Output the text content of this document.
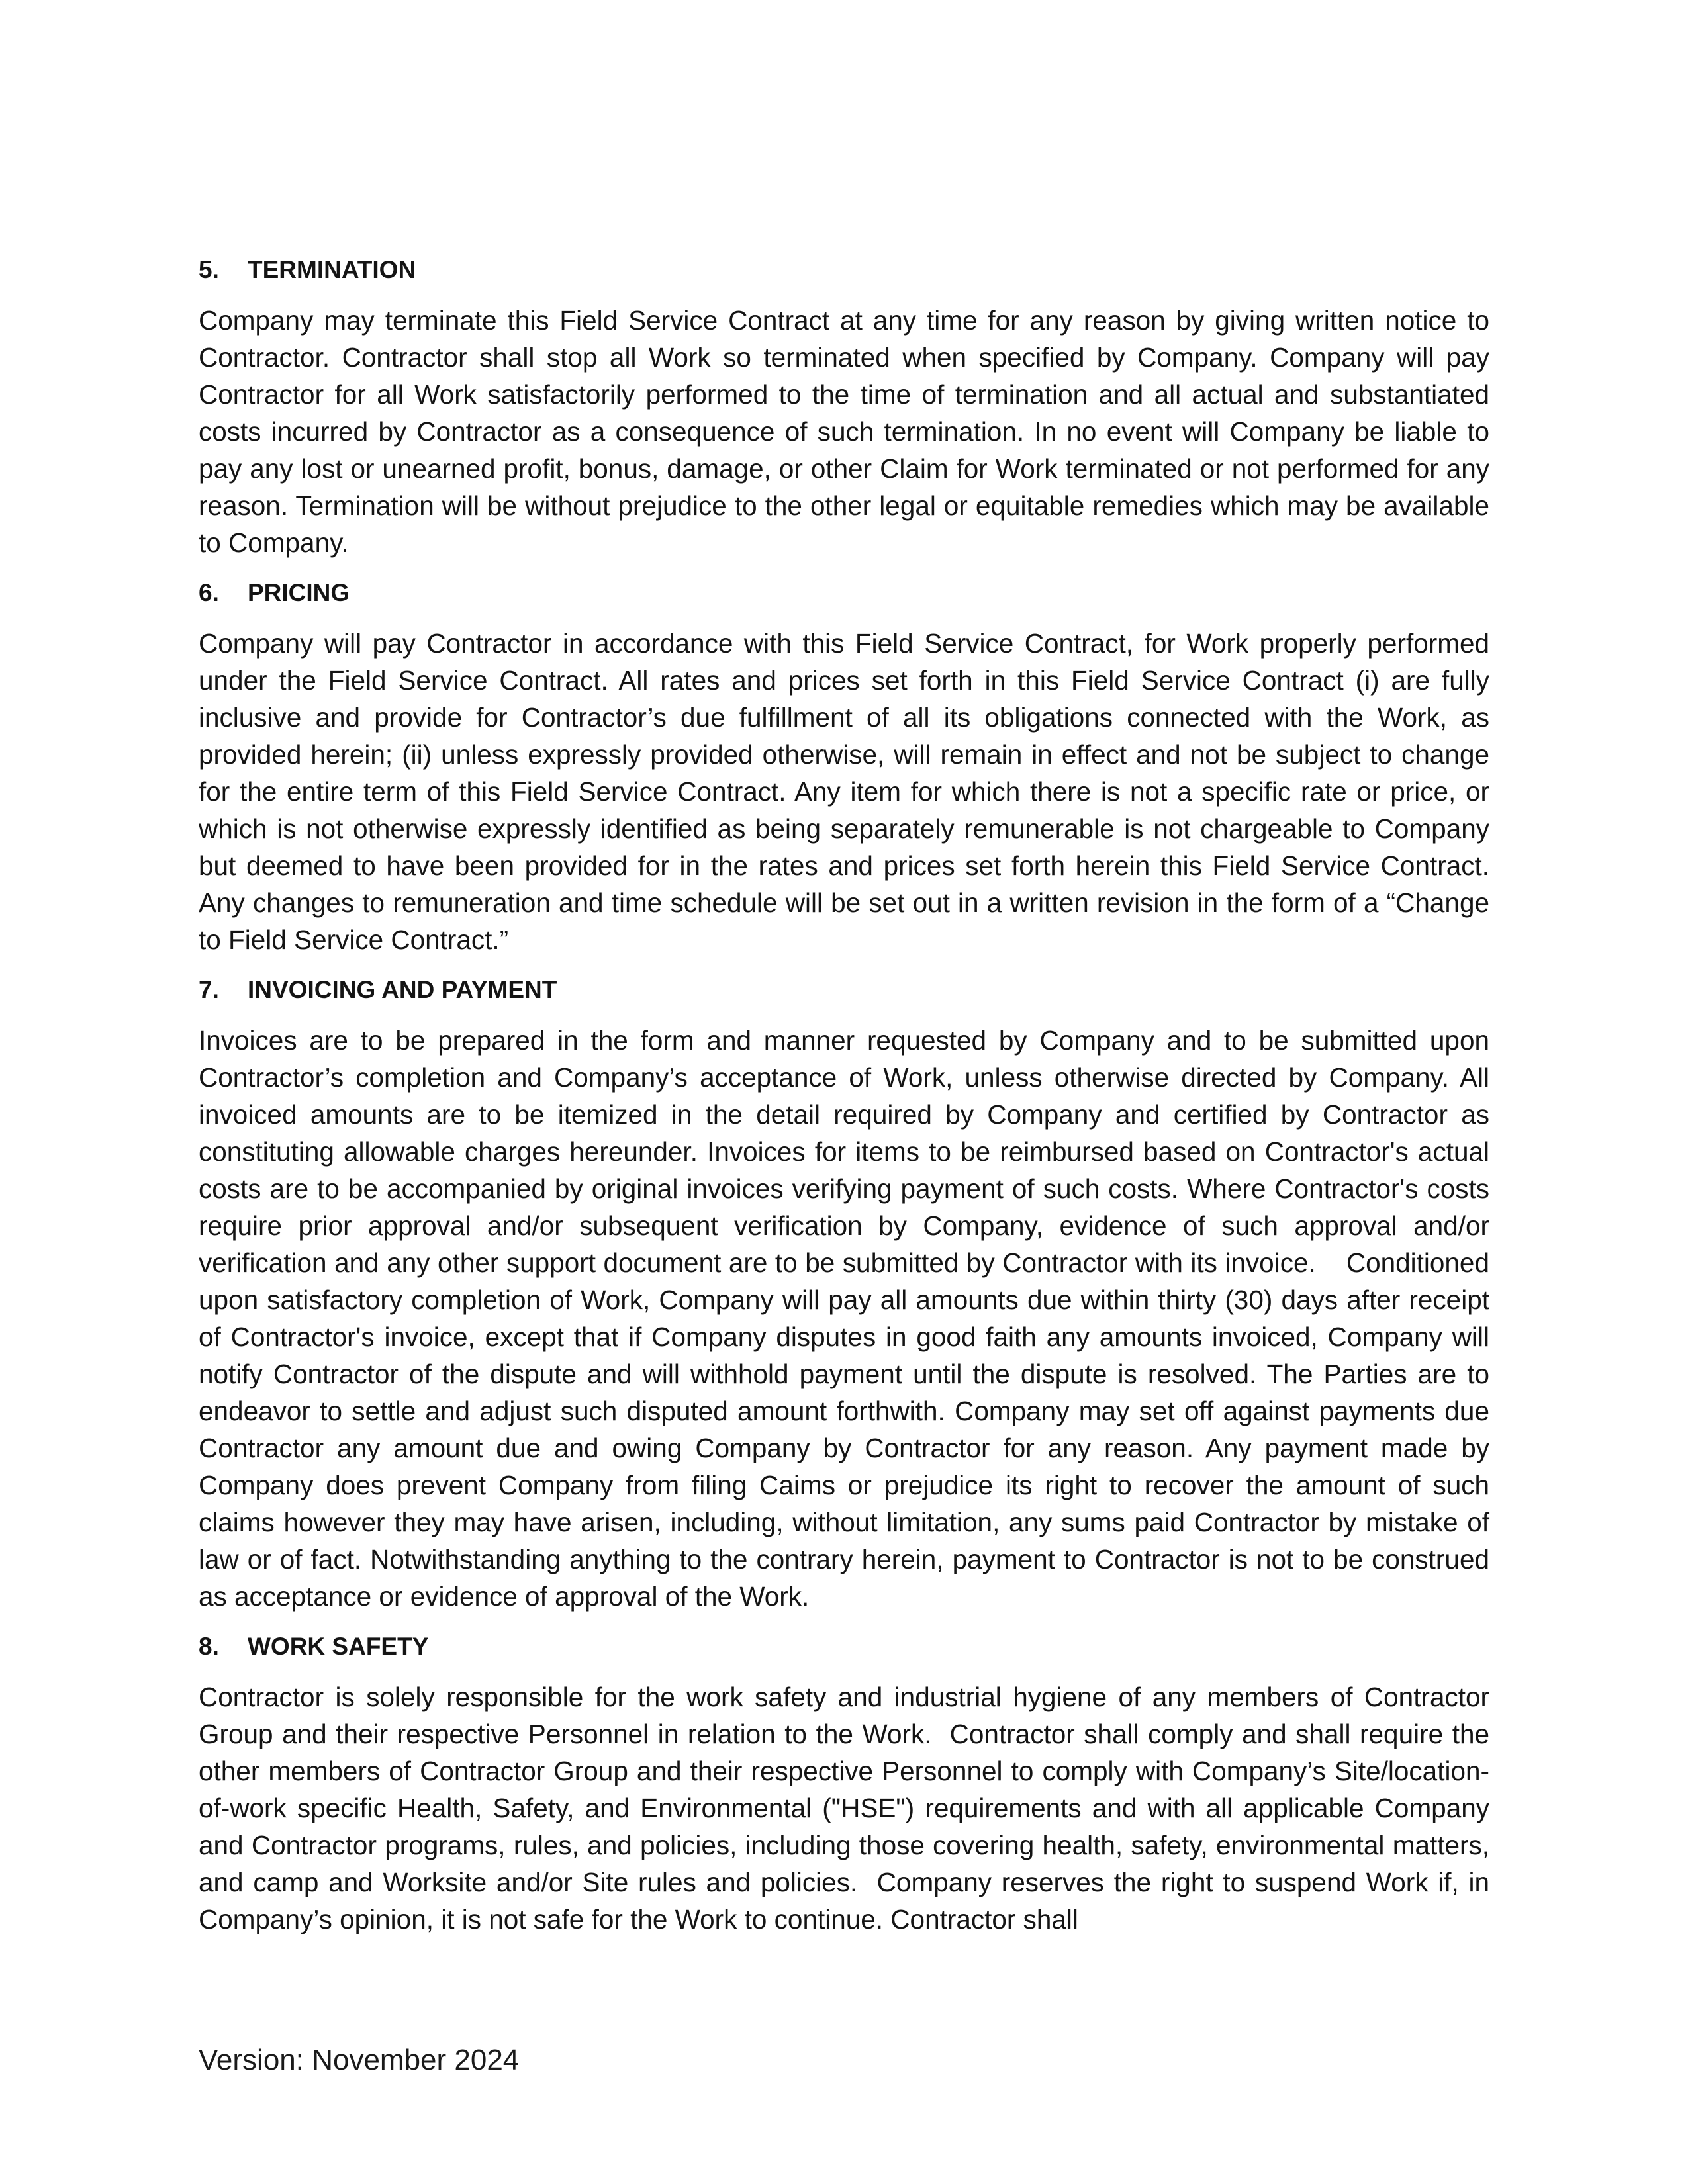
5.	TERMINATION

Company may terminate this Field Service Contract at any time for any reason by giving written notice to Contractor. Contractor shall stop all Work so terminated when specified by Company. Company will pay Contractor for all Work satisfactorily performed to the time of termination and all actual and substantiated costs incurred by Contractor as a consequence of such termination. In no event will Company be liable to pay any lost or unearned profit, bonus, damage, or other Claim for Work terminated or not performed for any reason. Termination will be without prejudice to the other legal or equitable remedies which may be available to Company.

6.	PRICING

Company will pay Contractor in accordance with this Field Service Contract, for Work properly performed under the Field Service Contract. All rates and prices set forth in this Field Service Contract (i) are fully inclusive and provide for Contractor’s due fulfillment of all its obligations connected with the Work, as provided herein; (ii) unless expressly provided otherwise, will remain in effect and not be subject to change for the entire term of this Field Service Contract. Any item for which there is not a specific rate or price, or which is not otherwise expressly identified as being separately remunerable is not chargeable to Company but deemed to have been provided for in the rates and prices set forth herein this Field Service Contract.  Any changes to remuneration and time schedule will be set out in a written revision in the form of a “Change to Field Service Contract.”

7.	INVOICING AND PAYMENT

Invoices are to be prepared in the form and manner requested by Company and to be submitted upon Contractor’s completion and Company’s acceptance of Work, unless otherwise directed by Company. All invoiced amounts are to be itemized in the detail required by Company and certified by Contractor as constituting allowable charges hereunder. Invoices for items to be reimbursed based on Contractor's actual costs are to be accompanied by original invoices verifying payment of such costs. Where Contractor's costs require prior approval and/or subsequent verification by Company, evidence of such approval and/or verification and any other support document are to be submitted by Contractor with its invoice.    Conditioned upon satisfactory completion of Work, Company will pay all amounts due within thirty (30) days after receipt of Contractor's invoice, except that if Company disputes in good faith any amounts invoiced, Company will notify Contractor of the dispute and will withhold payment until the dispute is resolved. The Parties are to endeavor to settle and adjust such disputed amount forthwith. Company may set off against payments due Contractor any amount due and owing Company by Contractor for any reason. Any payment made by Company does prevent Company from filing Caims or prejudice its right to recover the amount of such claims however they may have arisen, including, without limitation, any sums paid Contractor by mistake of law or of fact. Notwithstanding anything to the contrary herein, payment to Contractor is not to be construed as acceptance or evidence of approval of the Work.

8.	WORK SAFETY

Contractor is solely responsible for the work safety and industrial hygiene of any members of Contractor Group and their respective Personnel in relation to the Work.  Contractor shall comply and shall require the other members of Contractor Group and their respective Personnel to comply with Company’s Site/location-of-work specific Health, Safety, and Environmental ("HSE") requirements and with all applicable Company and Contractor programs, rules, and policies, including those covering health, safety, environmental matters, and camp and Worksite and/or Site rules and policies.  Company reserves the right to suspend Work if, in Company’s opinion, it is not safe for the Work to continue. Contractor shall

Version: November 2024
